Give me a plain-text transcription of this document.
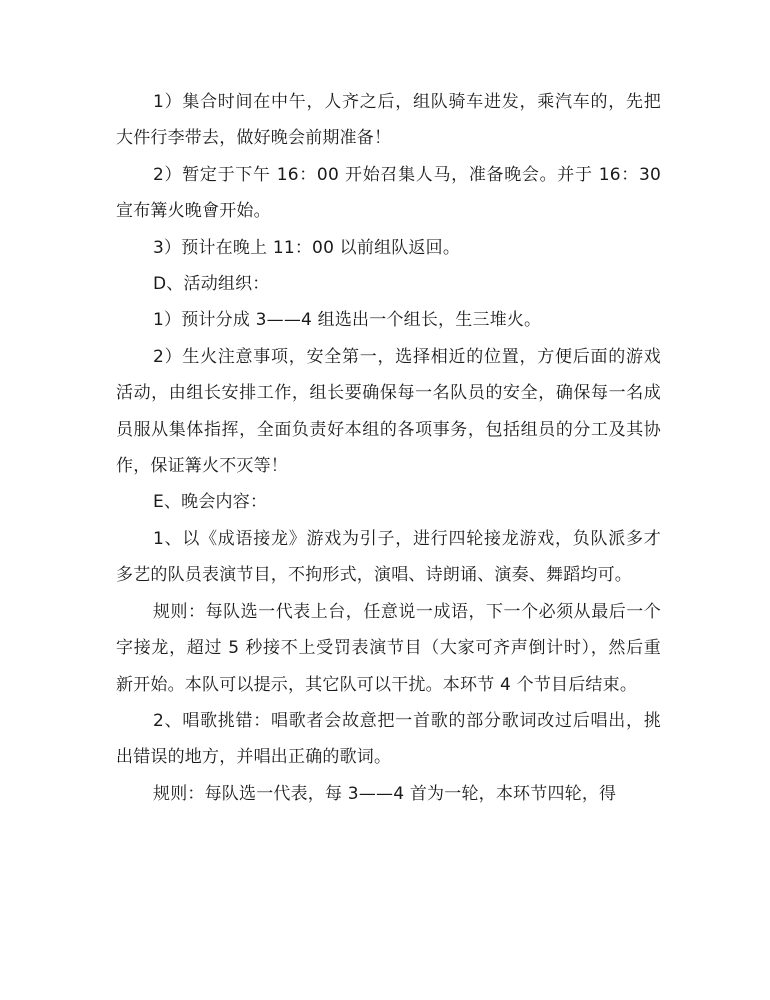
1）集合时间在中午，人齐之后，组队骑车进发，乘汽车的，先把大件行李带去，做好晚会前期准备！

2）暂定于下午 16：00 开始召集人马，准备晚会。并于 16：30 宣布篝火晚會开始。

3）预计在晚上 11：00 以前组队返回。

D、活动组织：

1）预计分成 3——4 组选出一个组长，生三堆火。

2）生火注意事项，安全第一，选择相近的位置，方便后面的游戏活动，由组长安排工作，组长要确保每一名队员的安全，确保每一名成员服从集体指挥，全面负责好本组的各项事务，包括组员的分工及其协作，保证篝火不灭等！

E、晚会内容：

1、以《成语接龙》游戏为引子，进行四轮接龙游戏，负队派多才多艺的队员表演节目，不拘形式，演唱、诗朗诵、演奏、舞蹈均可。

规则：每队选一代表上台，任意说一成语，下一个必须从最后一个字接龙，超过 5 秒接不上受罚表演节目（大家可齐声倒计时），然后重新开始。本队可以提示，其它队可以干扰。本环节 4 个节目后结束。

2、唱歌挑错：唱歌者会故意把一首歌的部分歌词改过后唱出，挑出错误的地方，并唱出正确的歌词。

规则：每队选一代表，每 3——4 首为一轮，本环节四轮，得
